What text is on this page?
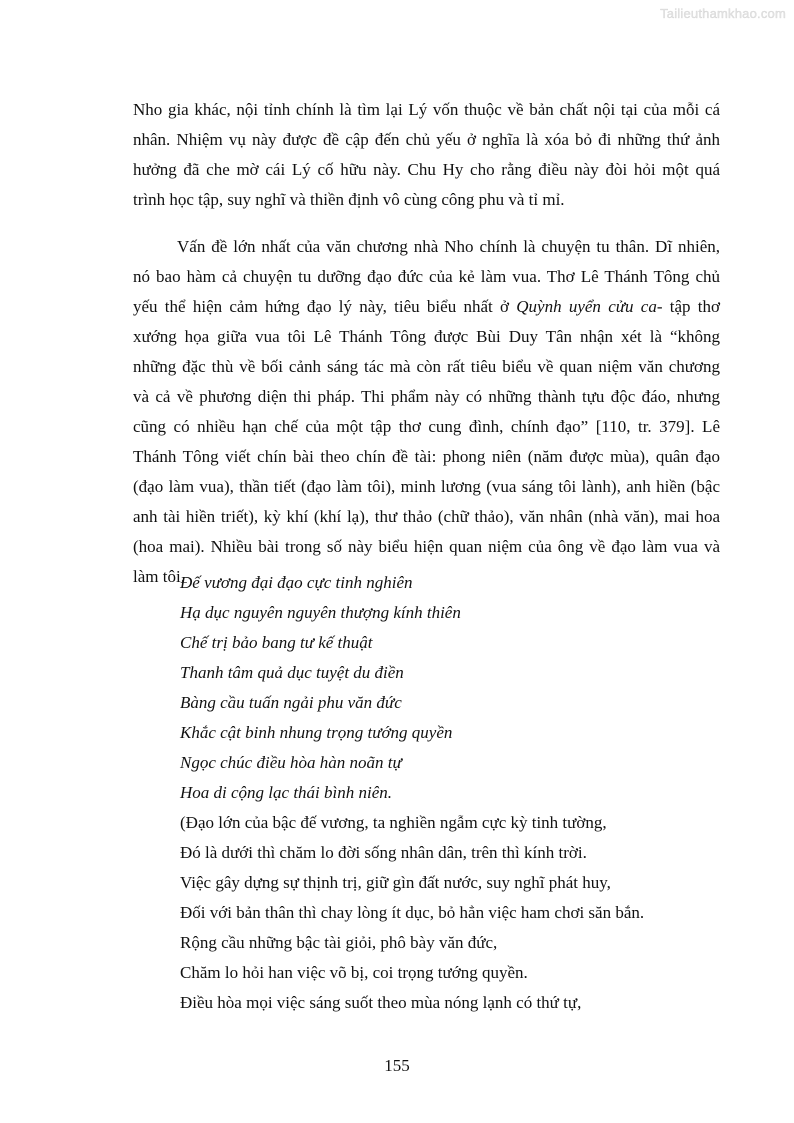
Tailieuthamkhao.com
Nho gia khác, nội tỉnh chính là tìm lại Lý vốn thuộc về bản chất nội tại của mỗi cá
nhân. Nhiệm vụ này được đề cập đến chủ yếu ở nghĩa là xóa bỏ đi những thứ ảnh
hưởng đã che mờ cái Lý cố hữu này. Chu Hy cho rằng điều này đòi hỏi một quá
trình học tập, suy nghĩ và thiền định vô cùng công phu và tỉ mỉ.
Vấn đề lớn nhất của văn chương nhà Nho chính là chuyện tu thân. Dĩ nhiên,
nó bao hàm cả chuyện tu dưỡng đạo đức của kẻ làm vua. Thơ Lê Thánh Tông chủ
yếu thể hiện cảm hứng đạo lý này, tiêu biểu nhất ở Quỳnh uyển cửu ca- tập thơ
xướng họa giữa vua tôi Lê Thánh Tông được Bùi Duy Tân nhận xét là “không
những đặc thù về bối cảnh sáng tác mà còn rất tiêu biểu về quan niệm văn chương
và cả về phương diện thi pháp. Thi phẩm này có những thành tựu độc đáo, nhưng
cũng có nhiều hạn chế của một tập thơ cung đình, chính đạo” [110, tr. 379]. Lê
Thánh Tông viết chín bài theo chín đề tài: phong niên (năm được mùa), quân đạo
(đạo làm vua), thần tiết (đạo làm tôi), minh lương (vua sáng tôi lành), anh hiền (bậc
anh tài hiền triết), kỳ khí (khí lạ), thư thảo (chữ thảo), văn nhân (nhà văn), mai hoa
(hoa mai). Nhiều bài trong số này biểu hiện quan niệm của ông về đạo làm vua và
làm tôi.
Đế vương đại đạo cực tinh nghiên
Hạ dục nguyên nguyên thượng kính thiên
Chế trị bảo bang tư kế thuật
Thanh tâm quả dục tuyệt du điền
Bàng cầu tuấn ngải phu văn đức
Khắc cật binh nhung trọng tướng quyền
Ngọc chúc điều hòa hàn noãn tự
Hoa di cộng lạc thái bình niên.
(Đạo lớn của bậc đế vương, ta nghiền ngẫm cực kỳ tinh tường,
Đó là dưới thì chăm lo đời sống nhân dân, trên thì kính trời.
Việc gây dựng sự thịnh trị, giữ gìn đất nước, suy nghĩ phát huy,
Đối với bản thân thì chay lòng ít dục, bỏ hẳn việc ham chơi săn bắn.
Rộng cầu những bậc tài giỏi, phô bày văn đức,
Chăm lo hỏi han việc võ bị, coi trọng tướng quyền.
Điều hòa mọi việc sáng suốt theo mùa nóng lạnh có thứ tự,
155
